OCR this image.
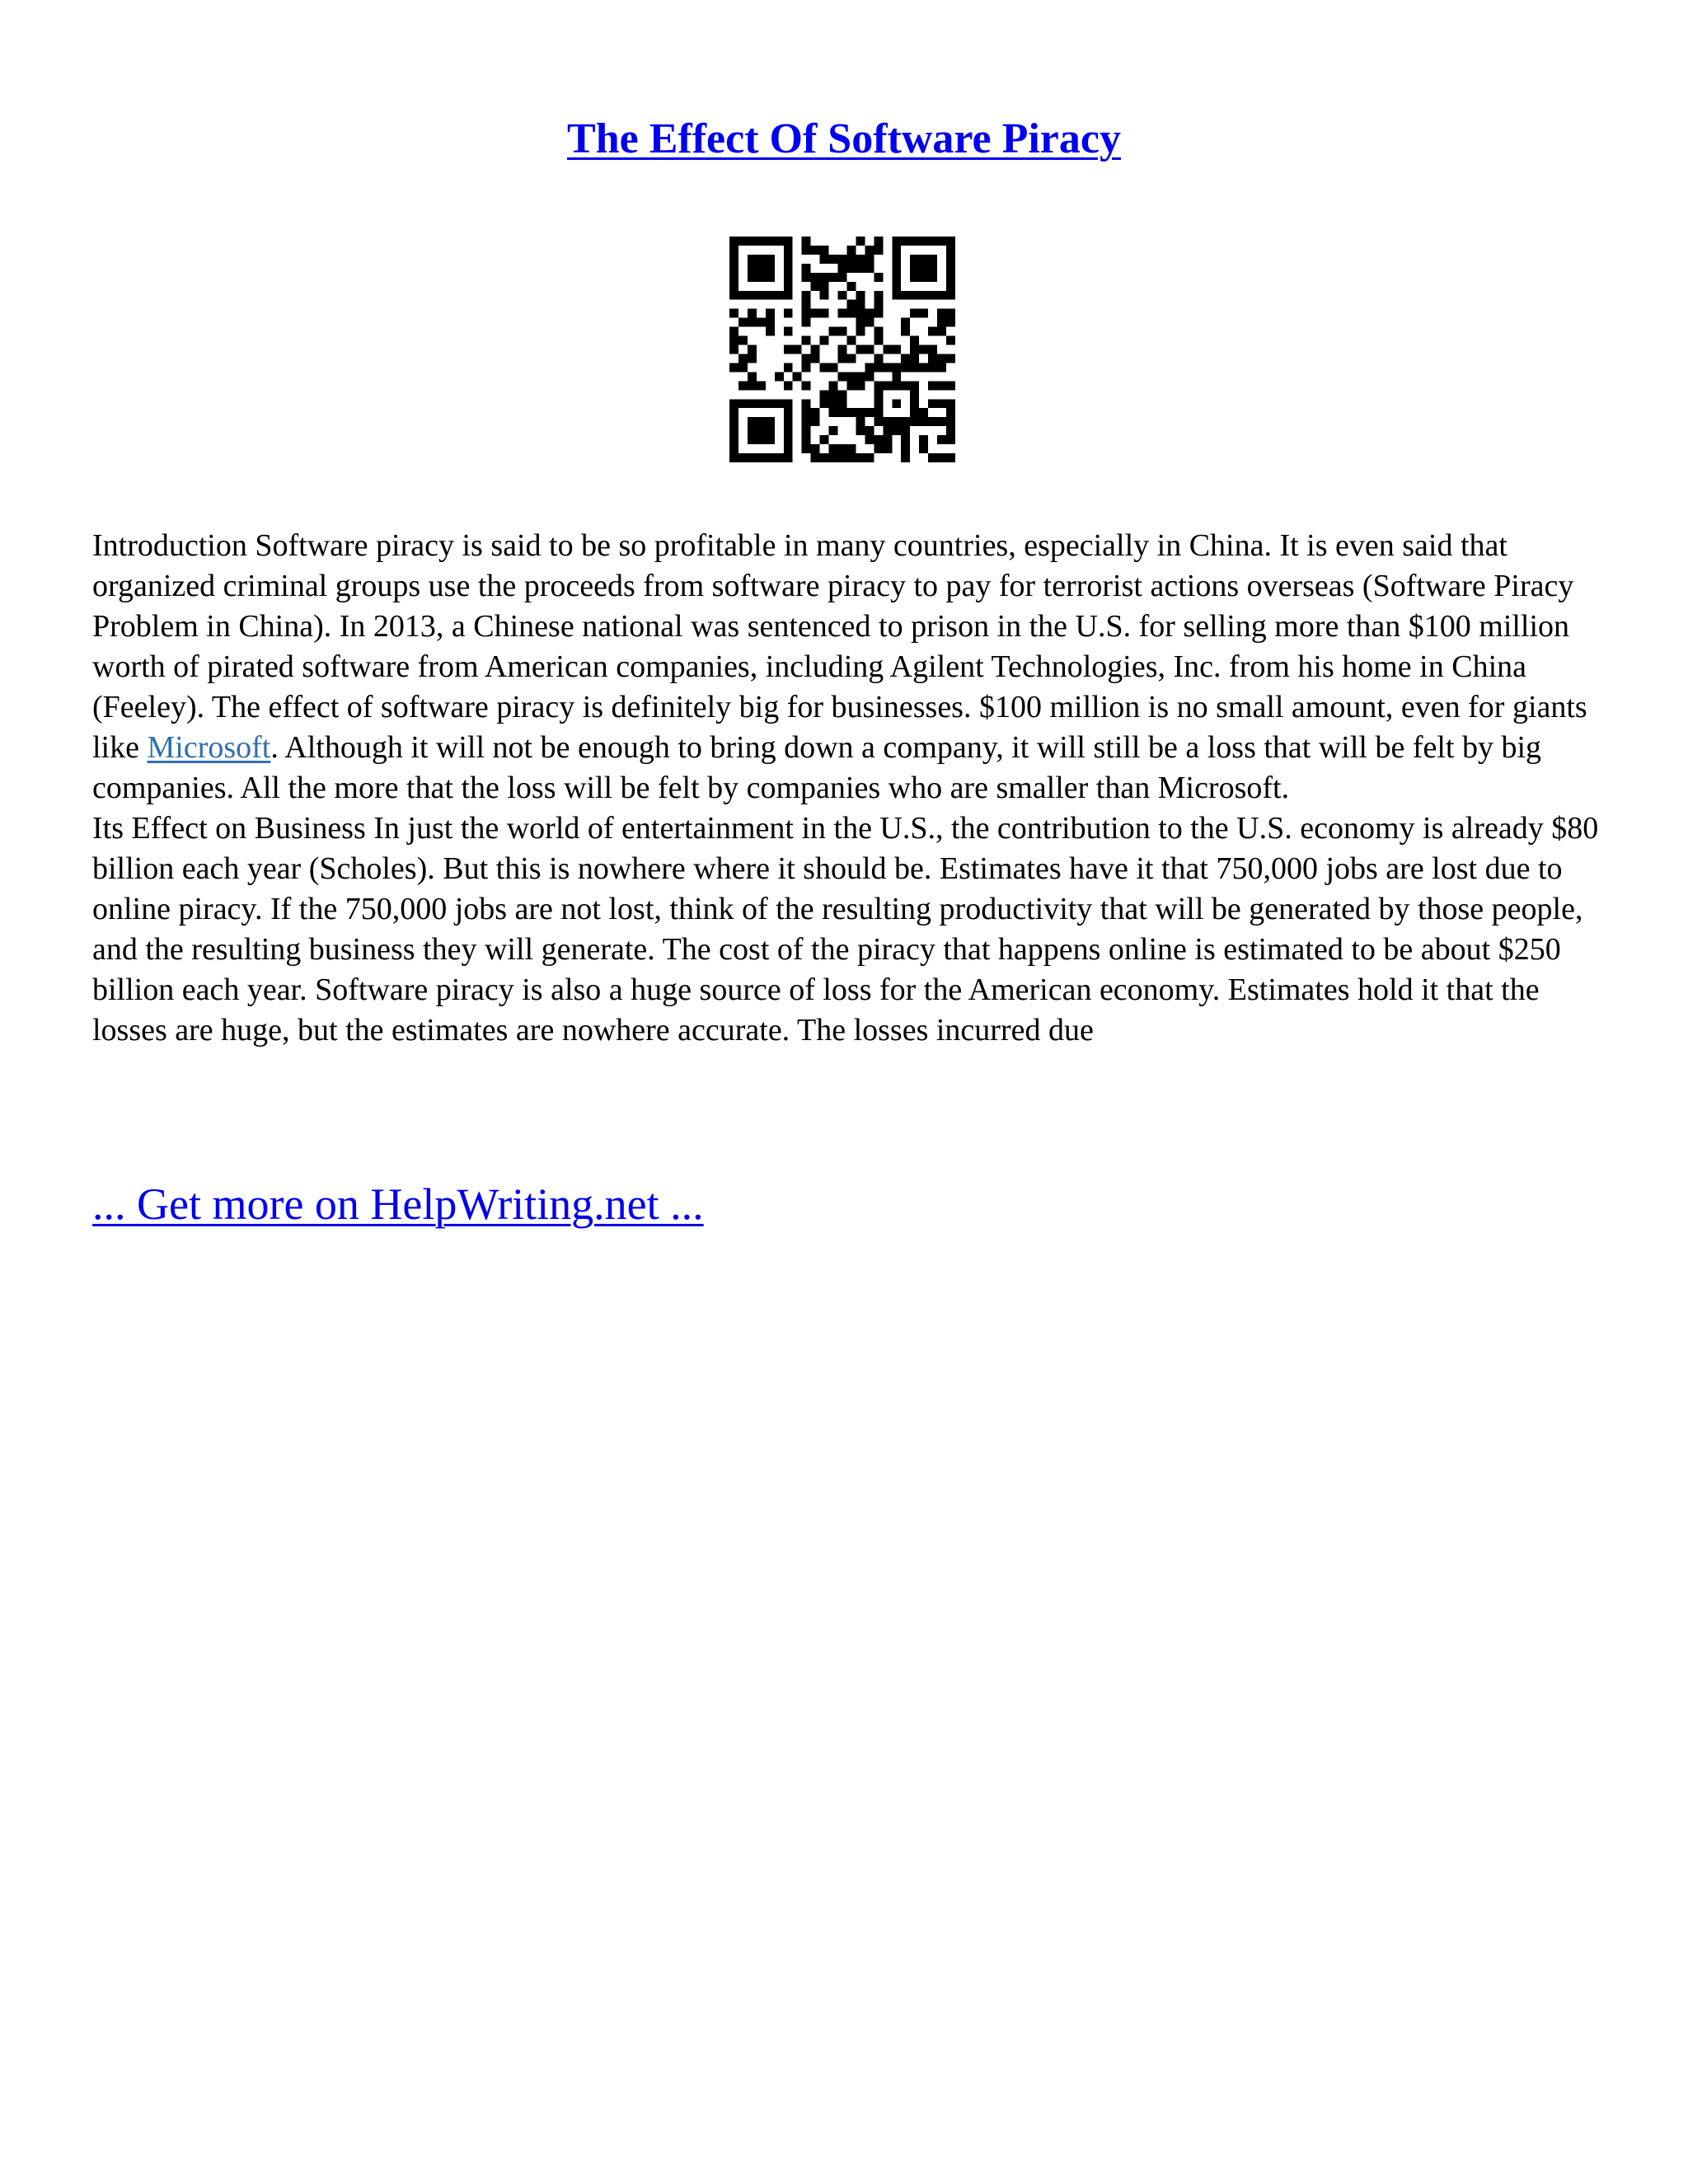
The Effect Of Software Piracy

Introduction Software piracy is said to be so profitable in many countries, especially in China. It is even said that organized criminal groups use the proceeds from software piracy to pay for terrorist actions overseas (Software Piracy Problem in China). In 2013, a Chinese national was sentenced to prison in the U.S. for selling more than $100 million worth of pirated software from American companies, including Agilent Technologies, Inc. from his home in China (Feeley). The effect of software piracy is definitely big for businesses. $100 million is no small amount, even for giants like Microsoft. Although it will not be enough to bring down a company, it will still be a loss that will be felt by big companies. All the more that the loss will be felt by companies who are smaller than Microsoft.

Its Effect on Business In just the world of entertainment in the U.S., the contribution to the U.S. economy is already $80 billion each year (Scholes). But this is nowhere where it should be. Estimates have it that 750,000 jobs are lost due to online piracy. If the 750,000 jobs are not lost, think of the resulting productivity that will be generated by those people, and the resulting business they will generate. The cost of the piracy that happens online is estimated to be about $250 billion each year. Software piracy is also a huge source of loss for the American economy. Estimates hold it that the losses are huge, but the estimates are nowhere accurate. The losses incurred due

... Get more on HelpWriting.net ...
